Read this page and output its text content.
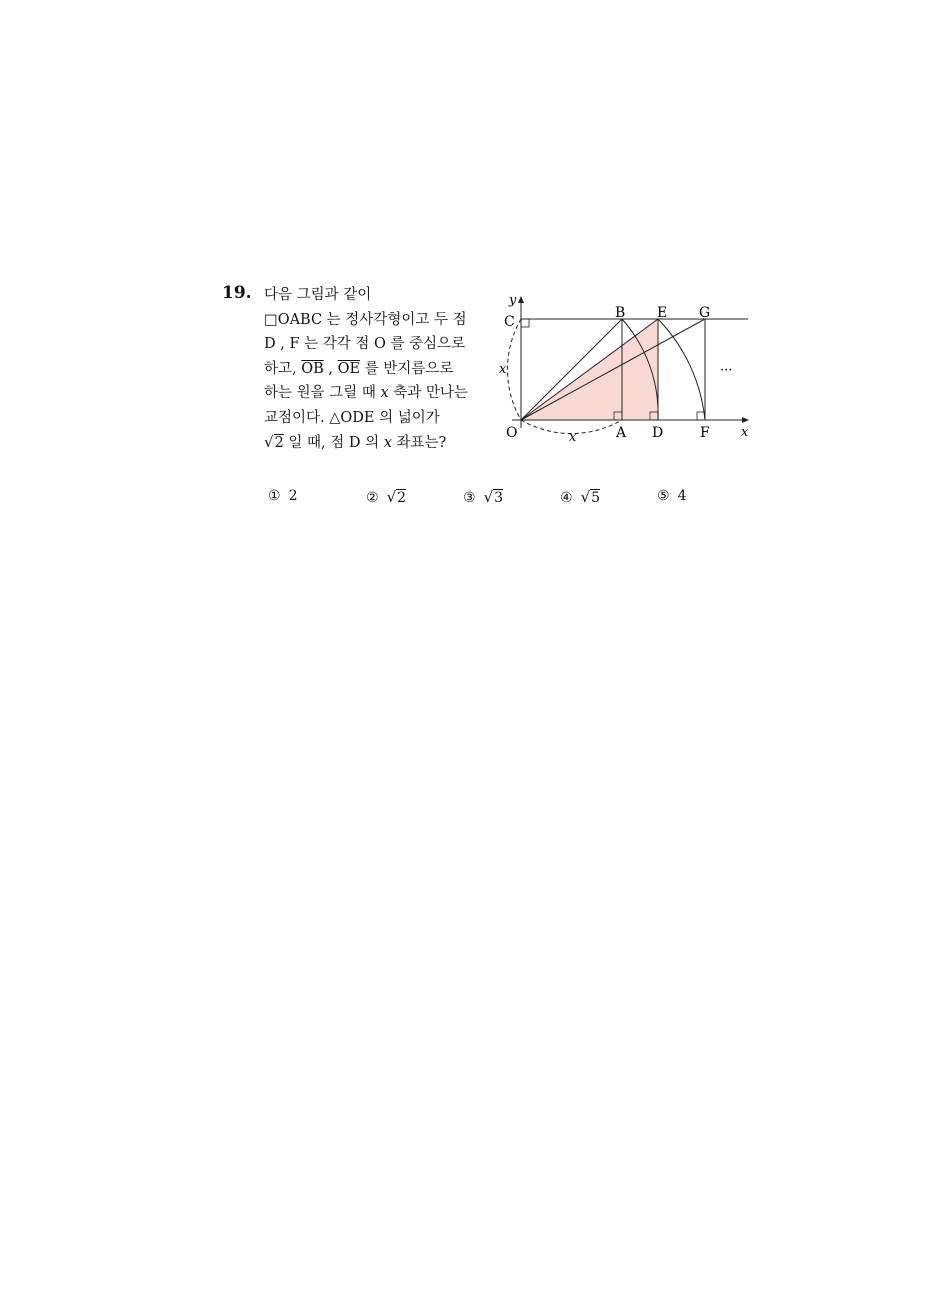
19. 다음 그림과 같이
□OABC 는 정사각형이고 두 점
D , F 는 각각 점 O 를 중심으로
하고, $\overline{OB}$ , $\overline{OE}$ 를 반지름으로
하는 원을 그릴 때 x 축과 만나는
교점이다. △ODE 의 넓이가
√2 일 때, 점 D 의 x 좌표는?
y
x
C
B E G
O	A D	F
x
x
···
① 2	② √2	③ √3	④ √5	⑤ 4
